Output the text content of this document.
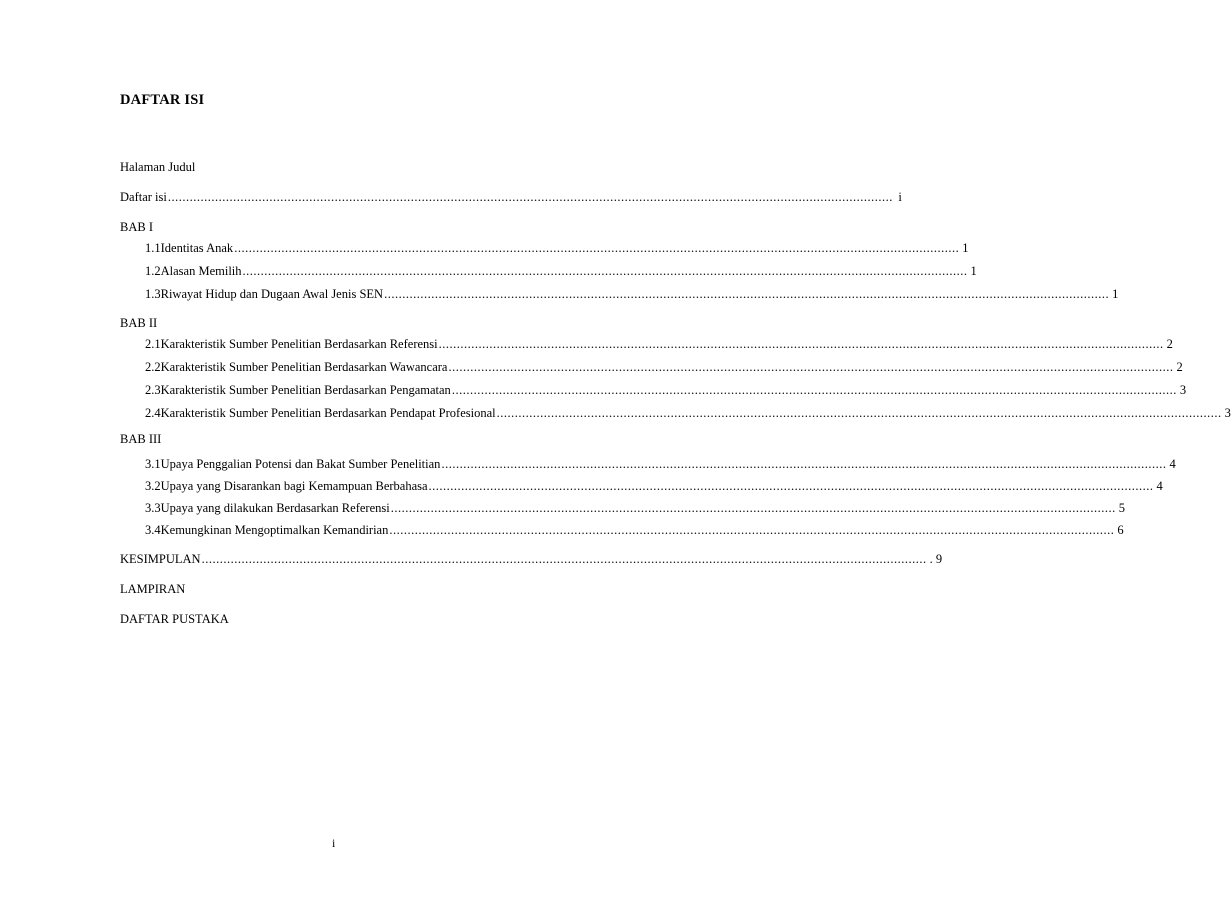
DAFTAR ISI
Halaman Judul
Daftar isi ........................................................................................................................................................................................................ i
BAB I
1.1 Identitas Anak ........................................................................................................................................................................................................ 1
1.2 Alasan Memilih ........................................................................................................................................................................................................ 1
1.3 Riwayat Hidup dan Dugaan Awal Jenis SEN ........................................................................................................................................................................................................ 1
BAB II
2.1 Karakteristik Sumber Penelitian Berdasarkan Referensi ........................................................................................................................................................................................................ 2
2.2 Karakteristik Sumber Penelitian Berdasarkan Wawancara ........................................................................................................................................................................................................ 2
2.3 Karakteristik Sumber Penelitian Berdasarkan Pengamatan ........................................................................................................................................................................................................ 3
2.4 Karakteristik Sumber Penelitian Berdasarkan Pendapat Profesional ........................................................................................................................................................................................................ 3
BAB III
3.1 Upaya Penggalian Potensi dan Bakat Sumber Penelitian ........................................................................................................................................................................................................ 4
3.2 Upaya yang Disarankan bagi Kemampuan Berbahasa ........................................................................................................................................................................................................ 4
3.3 Upaya yang dilakukan Berdasarkan Referensi ........................................................................................................................................................................................................ 5
3.4 Kemungkinan Mengoptimalkan Kemandirian ........................................................................................................................................................................................................ 6
KESIMPULAN ........................................................................................................................................................................................................ . 9
LAMPIRAN
DAFTAR PUSTAKA
i
